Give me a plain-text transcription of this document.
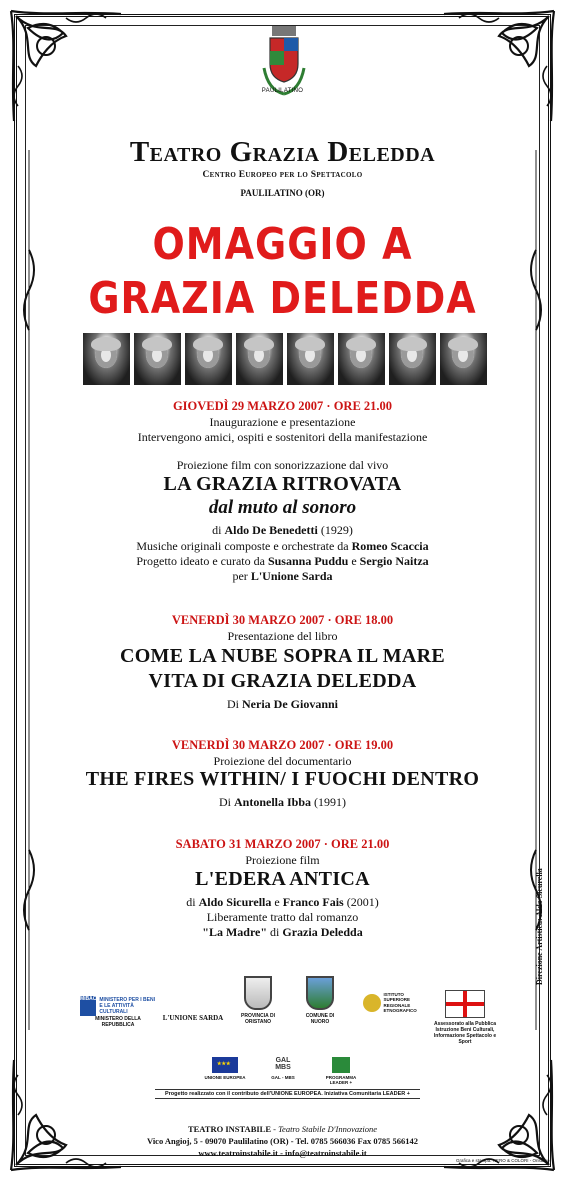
PAULILATINO
Teatro Grazia Deledda
Centro Europeo per lo Spettacolo
PAULILATINO (OR)
OMAGGIO A
GRAZIA DELEDDA
GIOVEDÌ 29 MARZO 2007 · ORE 21.00
Inaugurazione e presentazione
Intervengono amici, ospiti e sostenitori della manifestazione
Proiezione film con sonorizzazione dal vivo
LA GRAZIA RITROVATA
dal muto al sonoro
di Aldo De Benedetti (1929)
Musiche originali composte e orchestrate da Romeo Scaccia
Progetto ideato e curato da Susanna Puddu e Sergio Naitza
per L'Unione Sarda
VENERDÌ 30 MARZO 2007 · ORE 18.00
Presentazione del libro
COME LA NUBE SOPRA IL MARE
VITA DI GRAZIA DELEDDA
Di Neria De Giovanni
VENERDÌ 30 MARZO 2007 · ORE 19.00
Proiezione del documentario
THE FIRES WITHIN/ I FUOCHI DENTRO
Di Antonella Ibba (1991)
SABATO 31 MARZO 2007 · ORE 21.00
Proiezione film
L'EDERA ANTICA
di Aldo Sicurella e Franco Fais (2001)
Liberamente tratto dal romanzo
"La Madre" di Grazia Deledda	Direzione Artistica: Aldo Sicurella
MiBAC MINISTERO PER I BENI E LE ATTIVITÀ CULTURALI
MINISTERO DELLA REPUBBLICA
L'UNIONE SARDA	PROVINCIA DI ORISTANO
COMUNE DI NUORO
ISTITUTO SUPERIORE REGIONALE ETNOGRAFICO
Assessorato alla Pubblica Istruzione Beni Culturali, Informazione Spettacolo e Sport
★★★
UNIONE EUROPEA
GAL MBS
GAL - MBS	PROGRAMMA LEADER +
Progetto realizzato con il contributo dell'UNIONE EUROPEA. Iniziativa Comunitaria LEADER +
TEATRO INSTABILE - Teatro Stabile D'Innovazione
Vico Angioj, 5 - 09070 Paulilatino (OR) - Tel. 0785 566036 Fax 0785 566142
www.teatroinstabile.it - info@teatroinstabile.it
Grafica e stampa: NERO & COLORI - Oristano
